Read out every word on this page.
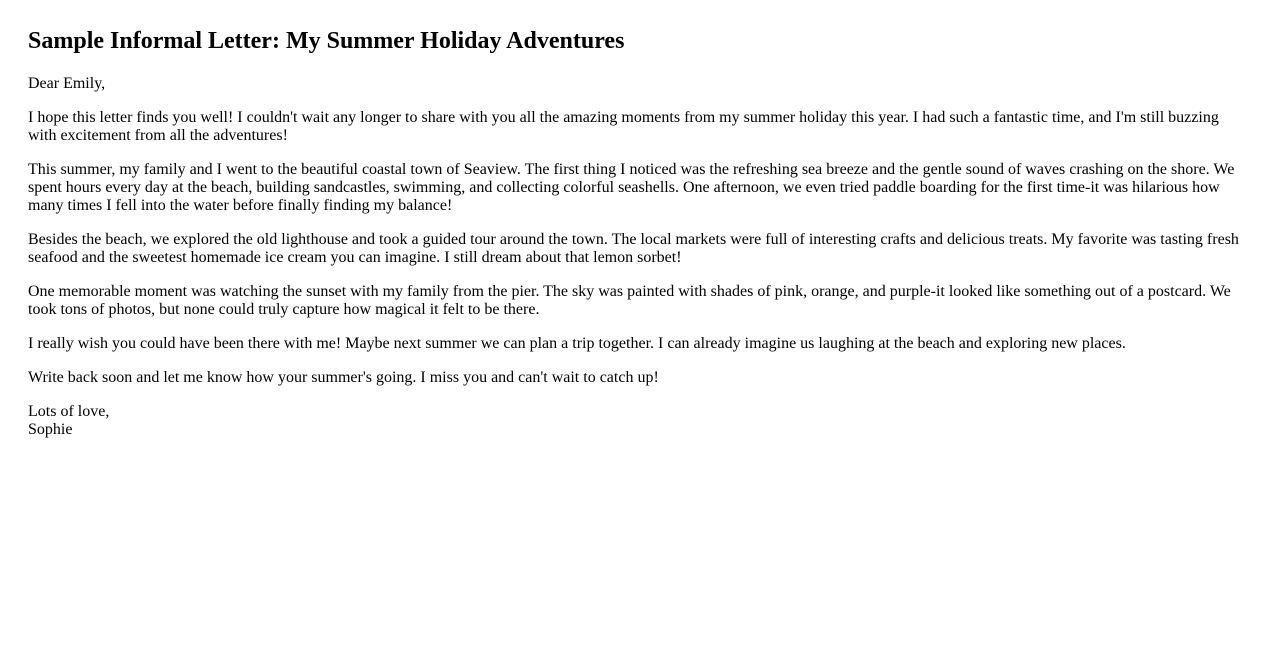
Sample Informal Letter: My Summer Holiday Adventures

Dear Emily,

I hope this letter finds you well! I couldn't wait any longer to share with you all the amazing moments from my summer holiday this year. I had such a fantastic time, and I'm still buzzing with excitement from all the adventures!

This summer, my family and I went to the beautiful coastal town of Seaview. The first thing I noticed was the refreshing sea breeze and the gentle sound of waves crashing on the shore. We spent hours every day at the beach, building sandcastles, swimming, and collecting colorful seashells. One afternoon, we even tried paddle boarding for the first time-it was hilarious how many times I fell into the water before finally finding my balance!

Besides the beach, we explored the old lighthouse and took a guided tour around the town. The local markets were full of interesting crafts and delicious treats. My favorite was tasting fresh seafood and the sweetest homemade ice cream you can imagine. I still dream about that lemon sorbet!

One memorable moment was watching the sunset with my family from the pier. The sky was painted with shades of pink, orange, and purple-it looked like something out of a postcard. We took tons of photos, but none could truly capture how magical it felt to be there.

I really wish you could have been there with me! Maybe next summer we can plan a trip together. I can already imagine us laughing at the beach and exploring new places.

Write back soon and let me know how your summer's going. I miss you and can't wait to catch up!

Lots of love,
Sophie
